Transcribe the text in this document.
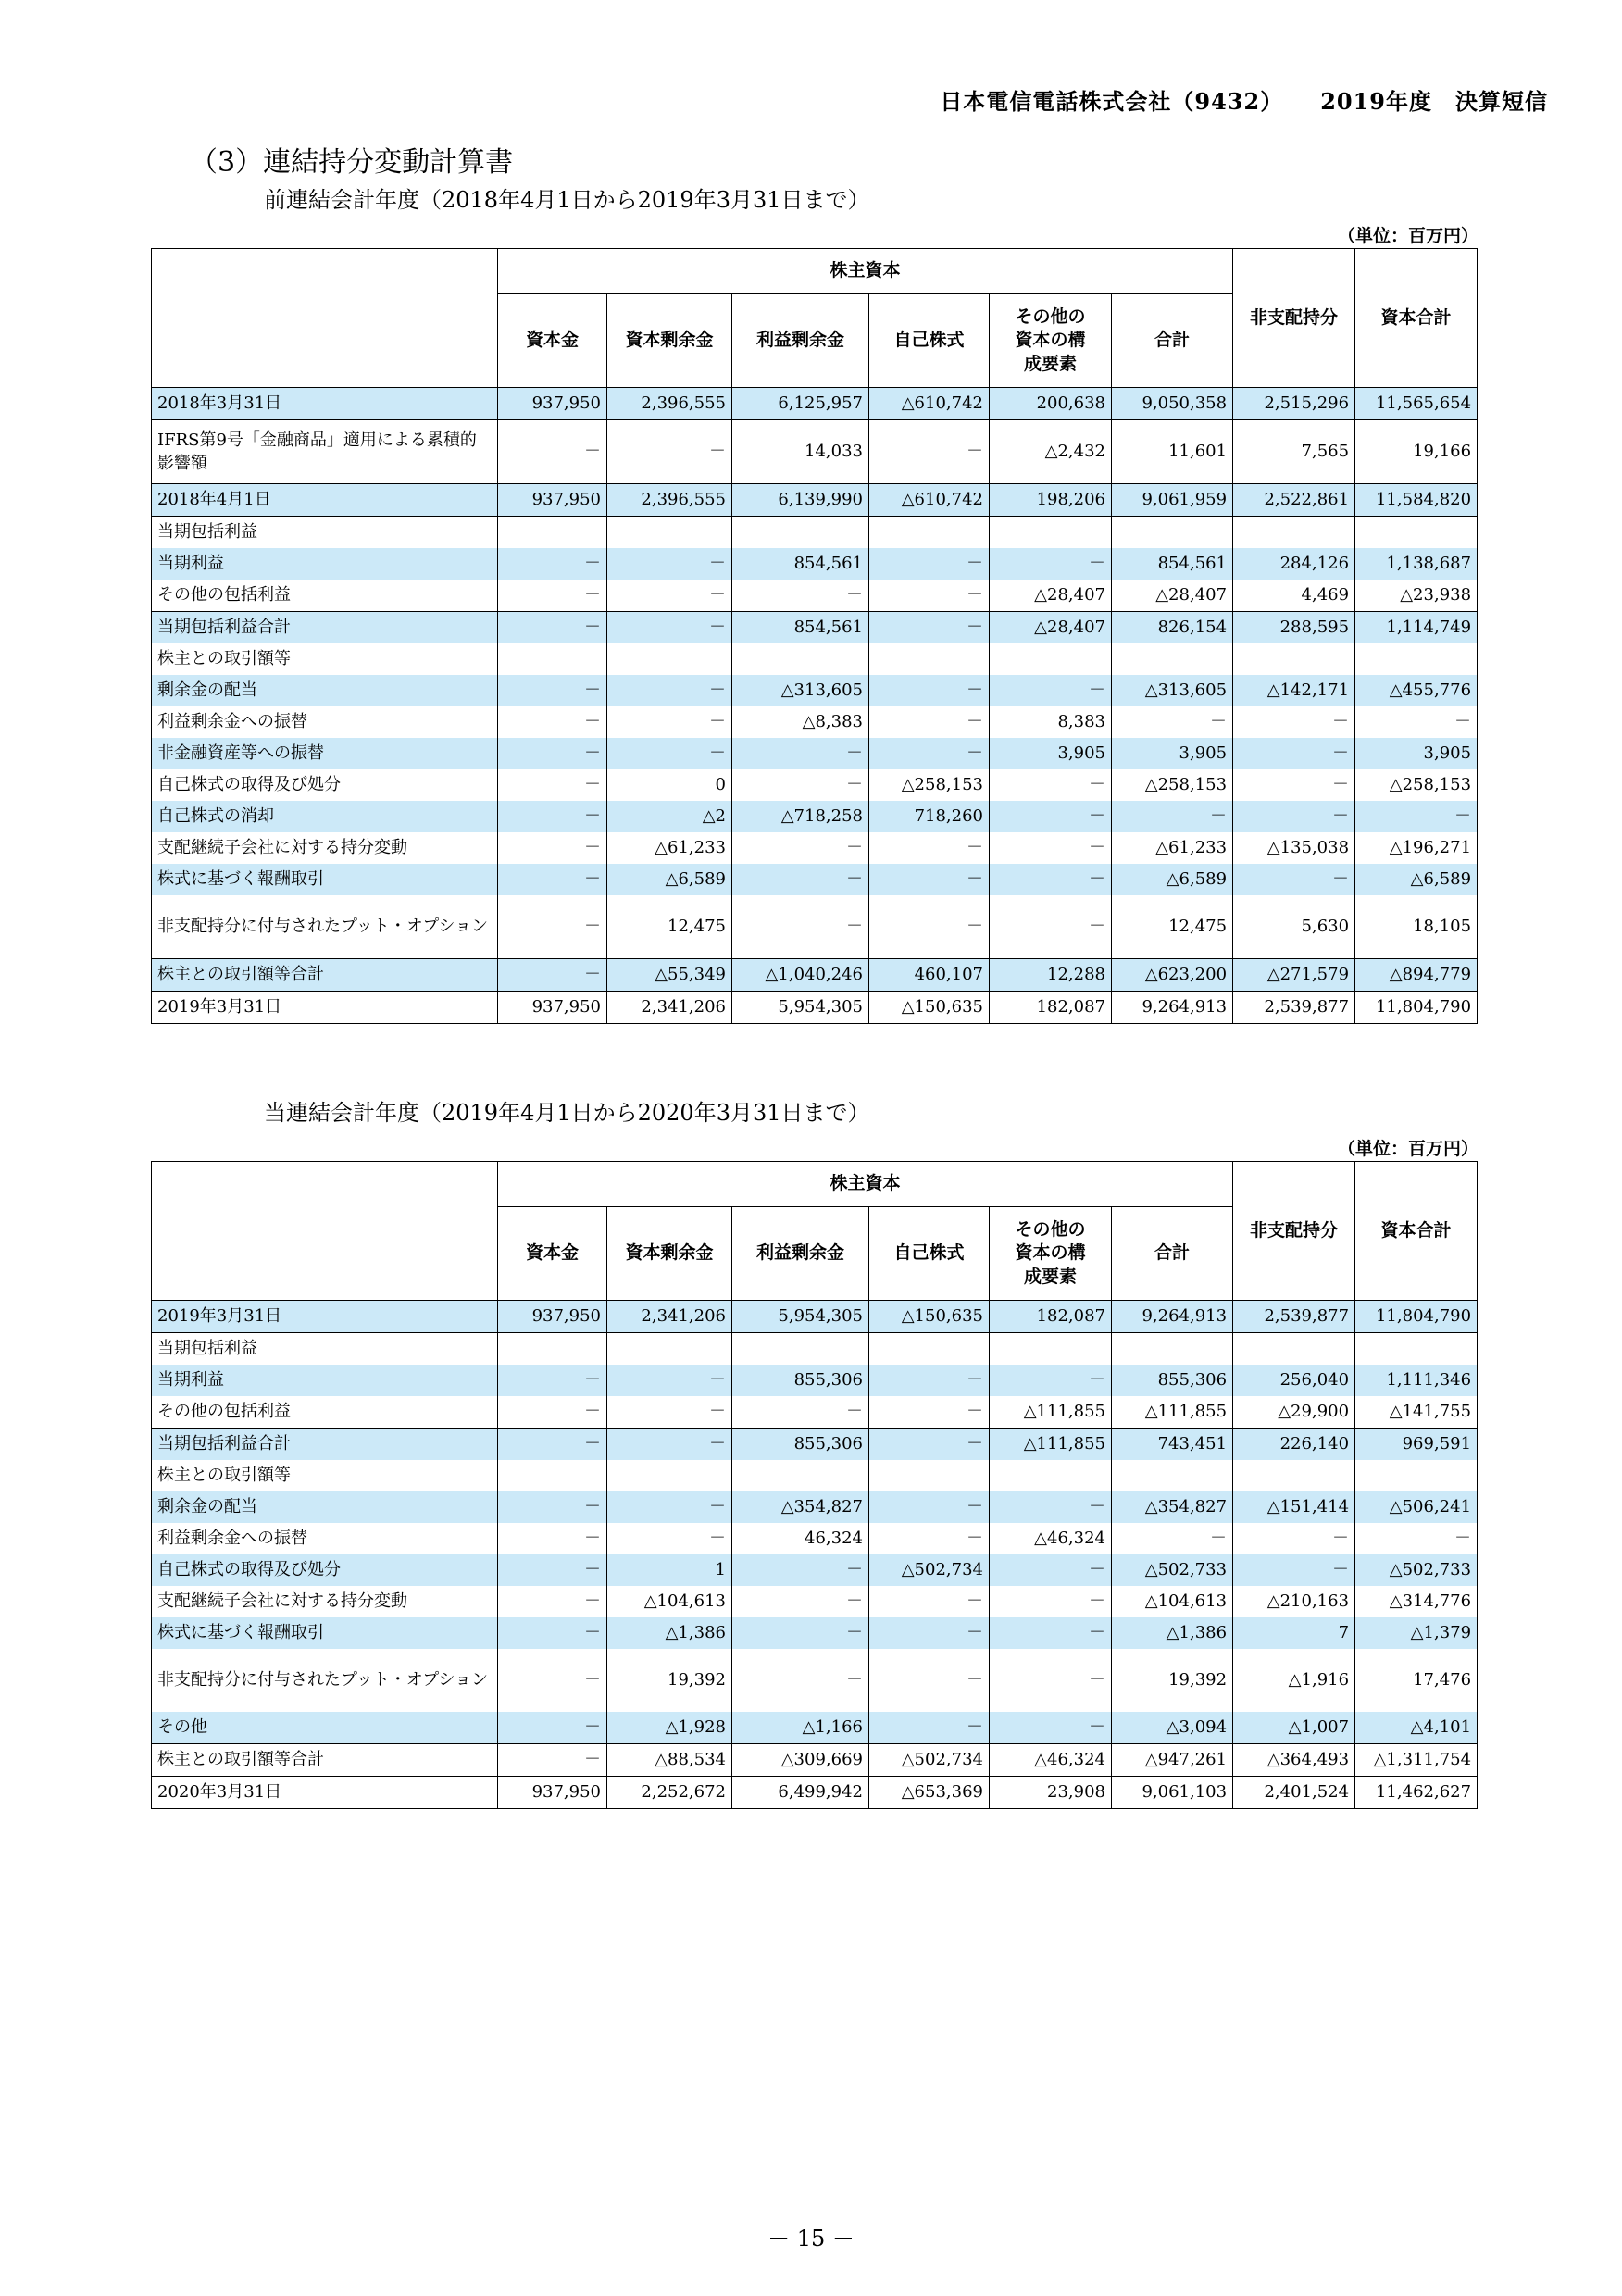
日本電信電話株式会社（9432） 2019年度　決算短信
（3）連結持分変動計算書
前連結会計年度（2018年4月1日から2019年3月31日まで）
（単位：百万円）
	株主資本						非支配持分	資本合計
	資本金	資本剰余金	利益剰余金	自己株式	その他の資本の構成要素	合計		
2018年3月31日	937,950	2,396,555	6,125,957	△610,742	200,638	9,050,358	2,515,296	11,565,654
IFRS第9号「金融商品」適用による累積的影響額	－	－	14,033	－	△2,432	11,601	7,565	19,166
2018年4月1日	937,950	2,396,555	6,139,990	△610,742	198,206	9,061,959	2,522,861	11,584,820
当期包括利益								
当期利益	－	－	854,561	－	－	854,561	284,126	1,138,687
その他の包括利益	－	－	－	－	△28,407	△28,407	4,469	△23,938
当期包括利益合計	－	－	854,561	－	△28,407	826,154	288,595	1,114,749
株主との取引額等								
剰余金の配当	－	－	△313,605	－	－	△313,605	△142,171	△455,776
利益剰余金への振替	－	－	△8,383	－	8,383	－	－	－
非金融資産等への振替	－	－	－	－	3,905	3,905	－	3,905
自己株式の取得及び処分	－	0	－	△258,153	－	△258,153	－	△258,153
自己株式の消却	－	△2	△718,258	718,260	－	－	－	－
支配継続子会社に対する持分変動	－	△61,233	－	－	－	△61,233	△135,038	△196,271
株式に基づく報酬取引	－	△6,589	－	－	－	△6,589	－	△6,589
非支配持分に付与されたプット・オプション	－	12,475	－	－	－	12,475	5,630	18,105
株主との取引額等合計	－	△55,349	△1,040,246	460,107	12,288	△623,200	△271,579	△894,779
2019年3月31日	937,950	2,341,206	5,954,305	△150,635	182,087	9,264,913	2,539,877	11,804,790
当連結会計年度（2019年4月1日から2020年3月31日まで）
（単位：百万円）
	株主資本						非支配持分	資本合計
	資本金	資本剰余金	利益剰余金	自己株式	その他の資本の構成要素	合計		
2019年3月31日	937,950	2,341,206	5,954,305	△150,635	182,087	9,264,913	2,539,877	11,804,790
当期包括利益								
当期利益	－	－	855,306	－	－	855,306	256,040	1,111,346
その他の包括利益	－	－	－	－	△111,855	△111,855	△29,900	△141,755
当期包括利益合計	－	－	855,306	－	△111,855	743,451	226,140	969,591
株主との取引額等								
剰余金の配当	－	－	△354,827	－	－	△354,827	△151,414	△506,241
利益剰余金への振替	－	－	46,324	－	△46,324	－	－	－
自己株式の取得及び処分	－	1	－	△502,734	－	△502,733	－	△502,733
支配継続子会社に対する持分変動	－	△104,613	－	－	－	△104,613	△210,163	△314,776
株式に基づく報酬取引	－	△1,386	－	－	－	△1,386	7	△1,379
非支配持分に付与されたプット・オプション	－	19,392	－	－	－	19,392	△1,916	17,476
その他	－	△1,928	△1,166	－	－	△3,094	△1,007	△4,101
株主との取引額等合計	－	△88,534	△309,669	△502,734	△46,324	△947,261	△364,493	△1,311,754
2020年3月31日	937,950	2,252,672	6,499,942	△653,369	23,908	9,061,103	2,401,524	11,462,627
－ 15 －
